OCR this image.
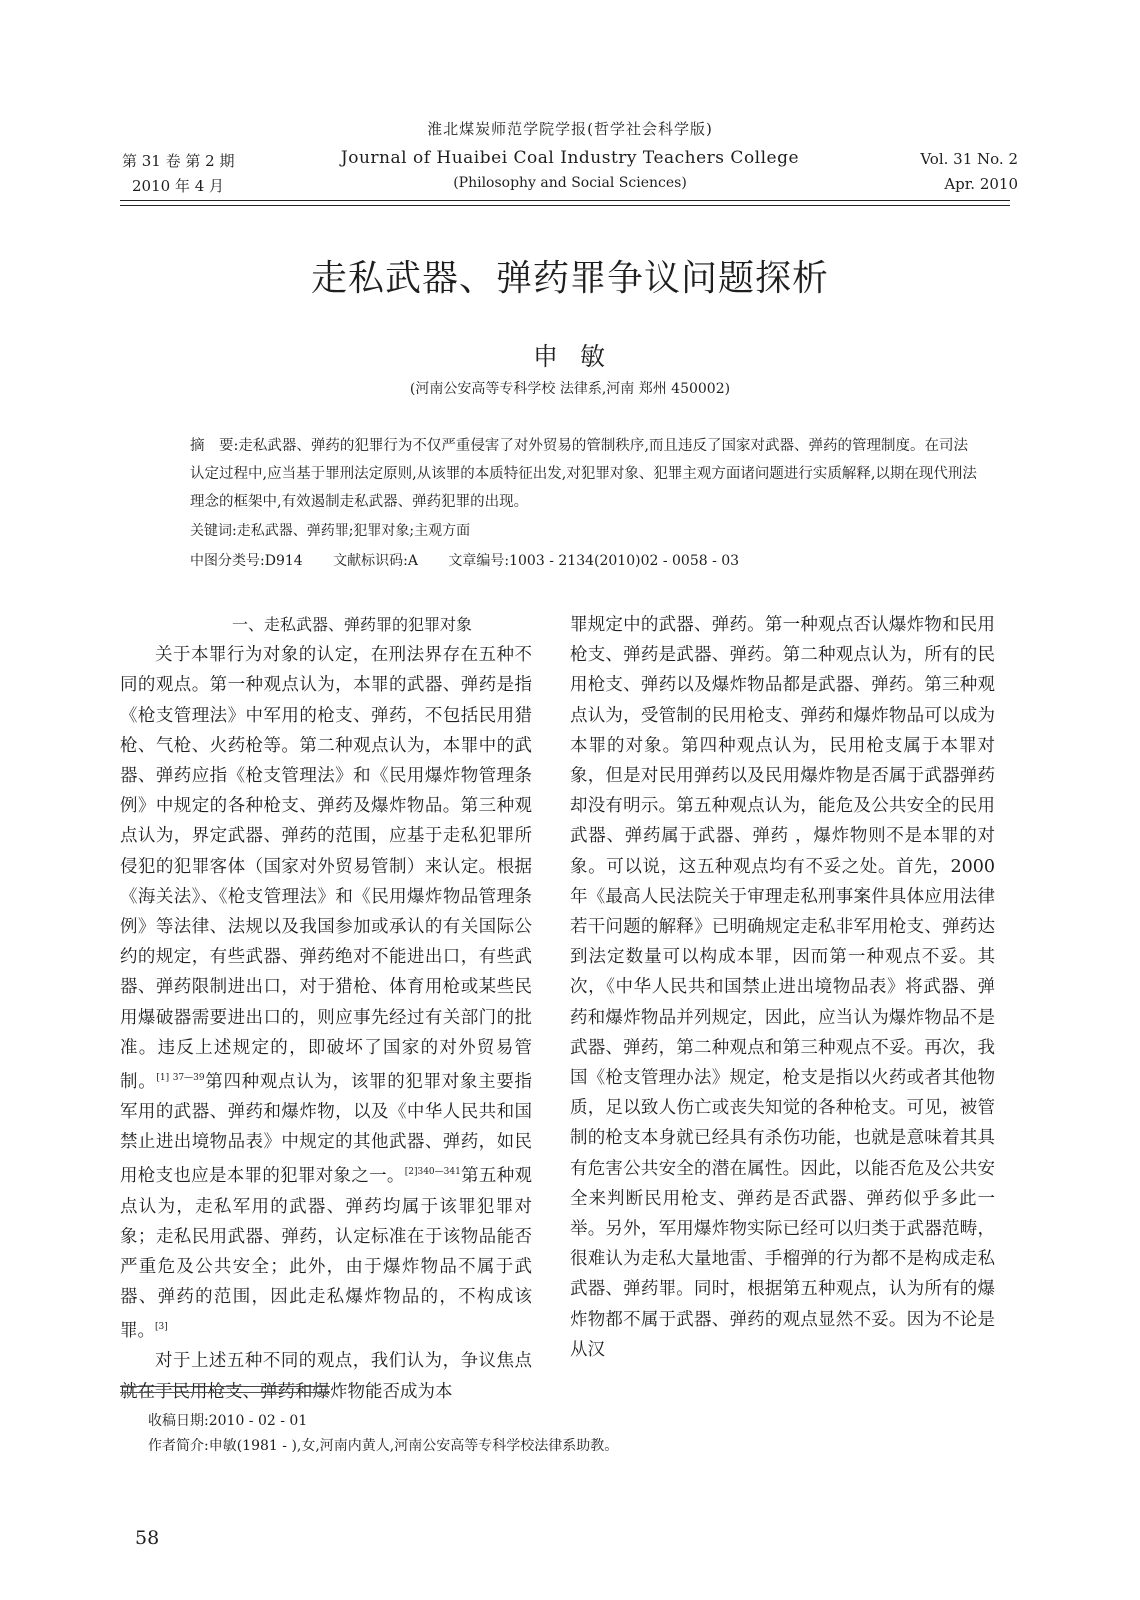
淮北煤炭师范学院学报(哲学社会科学版)
Journal of Huaibei Coal Industry Teachers College
(Philosophy and Social Sciences)
第 31 卷 第 2 期
2010 年 4 月
Vol. 31 No. 2
Apr. 2010
走私武器、弹药罪争议问题探析
申敏
(河南公安高等专科学校 法律系,河南 郑州 450002)
摘　要:走私武器、弹药的犯罪行为不仅严重侵害了对外贸易的管制秩序,而且违反了国家对武器、弹药的管理制度。在司法认定过程中,应当基于罪刑法定原则,从该罪的本质特征出发,对犯罪对象、犯罪主观方面诸问题进行实质解释,以期在现代刑法理念的框架中,有效遏制走私武器、弹药犯罪的出现。
关键词:走私武器、弹药罪;犯罪对象;主观方面
中图分类号:D914 文献标识码:A 文章编号:1003 - 2134(2010)02 - 0058 - 03

一、走私武器、弹药罪的犯罪对象

关于本罪行为对象的认定，在刑法界存在五种不同的观点。第一种观点认为，本罪的武器、弹药是指《枪支管理法》中军用的枪支、弹药，不包括民用猎枪、气枪、火药枪等。第二种观点认为，本罪中的武器、弹药应指《枪支管理法》和《民用爆炸物管理条例》中规定的各种枪支、弹药及爆炸物品。第三种观点认为，界定武器、弹药的范围，应基于走私犯罪所侵犯的犯罪客体（国家对外贸易管制）来认定。根据《海关法》、《枪支管理法》和《民用爆炸物品管理条例》等法律、法规以及我国参加或承认的有关国际公约的规定，有些武器、弹药绝对不能进出口，有些武器、弹药限制进出口，对于猎枪、体育用枪或某些民用爆破器需要进出口的，则应事先经过有关部门的批准。违反上述规定的，即破坏了国家的对外贸易管制。$^{[1] 37—39}$第四种观点认为，该罪的犯罪对象主要指军用的武器、弹药和爆炸物，以及《中华人民共和国禁止进出境物品表》中规定的其他武器、弹药，如民用枪支也应是本罪的犯罪对象之一。$^{[2]340—341}$第五种观点认为，走私军用的武器、弹药均属于该罪犯罪对象；走私民用武器、弹药，认定标准在于该物品能否严重危及公共安全；此外，由于爆炸物品不属于武器、弹药的范围，因此走私爆炸物品的，不构成该罪。[3]

对于上述五种不同的观点，我们认为，争议焦点就在于民用枪支、弹药和爆炸物能否成为本

罪规定中的武器、弹药。第一种观点否认爆炸物和民用枪支、弹药是武器、弹药。第二种观点认为，所有的民用枪支、弹药以及爆炸物品都是武器、弹药。第三种观点认为，受管制的民用枪支、弹药和爆炸物品可以成为本罪的对象。第四种观点认为，民用枪支属于本罪对象，但是对民用弹药以及民用爆炸物是否属于武器弹药却没有明示。第五种观点认为，能危及公共安全的民用武器、弹药属于武器、弹药 ，爆炸物则不是本罪的对象。可以说，这五种观点均有不妥之处。首先，2000 年《最高人民法院关于审理走私刑事案件具体应用法律若干问题的解释》已明确规定走私非军用枪支、弹药达到法定数量可以构成本罪，因而第一种观点不妥。其次，《中华人民共和国禁止进出境物品表》将武器、弹药和爆炸物品并列规定，因此，应当认为爆炸物品不是武器、弹药，第二种观点和第三种观点不妥。再次，我国《枪支管理办法》规定，枪支是指以火药或者其他物质，足以致人伤亡或丧失知觉的各种枪支。可见，被管制的枪支本身就已经具有杀伤功能，也就是意味着其具有危害公共安全的潜在属性。因此，以能否危及公共安全来判断民用枪支、弹药是否武器、弹药似乎多此一举。另外，军用爆炸物实际已经可以归类于武器范畴，很难认为走私大量地雷、手榴弹的行为都不是构成走私武器、弹药罪。同时，根据第五种观点，认为所有的爆炸物都不属于武器、弹药的观点显然不妥。因为不论是从汉

收稿日期:2010 - 02 - 01
作者简介:申敏(1981 - ),女,河南内黄人,河南公安高等专科学校法律系助教。
58
